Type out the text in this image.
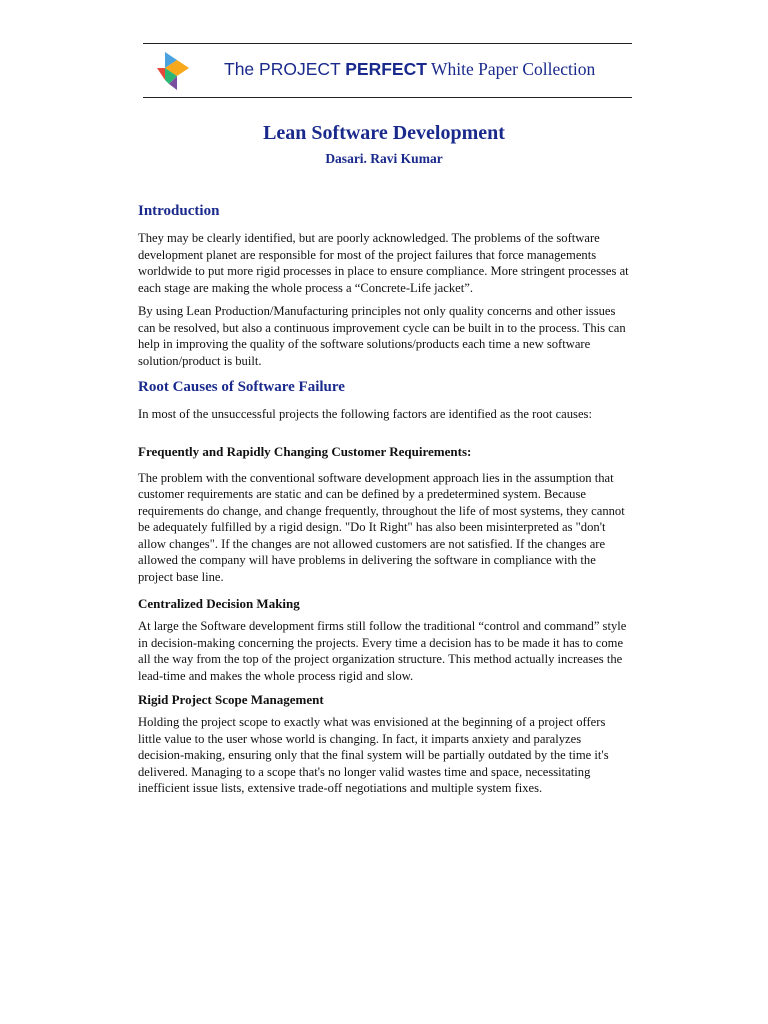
The PROJECT PERFECT White Paper Collection
Lean Software Development
Dasari. Ravi Kumar
Introduction

They may be clearly identified, but are poorly acknowledged. The problems of the software development planet are responsible for most of the project failures that force managements worldwide to put more rigid processes in place to ensure compliance. More stringent processes at each stage are making the whole process a “Concrete-Life jacket”.

By using Lean Production/Manufacturing principles not only quality concerns and other issues can be resolved, but also a continuous improvement cycle can be built in to the process. This can help in improving the quality of the software solutions/products each time a new software solution/product is built.

Root Causes of Software Failure

In most of the unsuccessful projects the following factors are identified as the root causes:

Frequently and Rapidly Changing Customer Requirements:

The problem with the conventional software development approach lies in the assumption that customer requirements are static and can be defined by a predetermined system. Because requirements do change, and change frequently, throughout the life of most systems, they cannot be adequately fulfilled by a rigid design. "Do It Right" has also been misinterpreted as "don't allow changes". If the changes are not allowed customers are not satisfied. If the changes are allowed the company will have problems in delivering the software in compliance with the project base line.

Centralized Decision Making

At large the Software development firms still follow the traditional “control and command” style in decision-making concerning the projects. Every time a decision has to be made it has to come all the way from the top of the project organization structure. This method actually increases the lead-time and makes the whole process rigid and slow.

Rigid Project Scope Management

Holding the project scope to exactly what was envisioned at the beginning of a project offers little value to the user whose world is changing. In fact, it imparts anxiety and paralyzes decision-making, ensuring only that the final system will be partially outdated by the time it's delivered. Managing to a scope that's no longer valid wastes time and space, necessitating inefficient issue lists, extensive trade-off negotiations and multiple system fixes.
